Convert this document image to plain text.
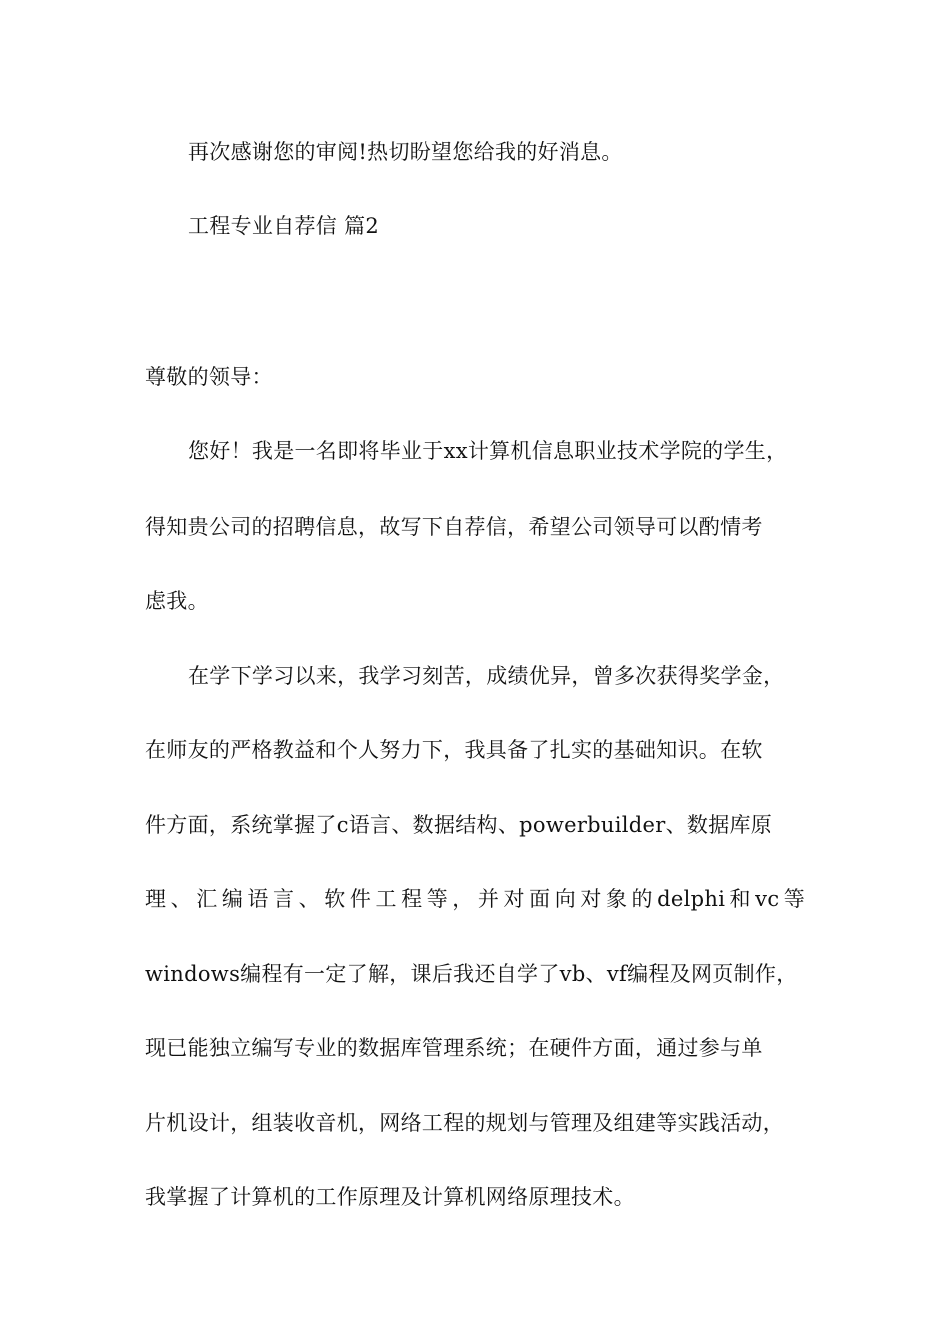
再次感谢您的审阅!热切盼望您给我的好消息。
工程专业自荐信 篇2
尊敬的领导：
您好！我是一名即将毕业于xx计算机信息职业技术学院的学生，
得知贵公司的招聘信息，故写下自荐信，希望公司领导可以酌情考
虑我。
在学下学习以来，我学习刻苦，成绩优异，曾多次获得奖学金，
在师友的严格教益和个人努力下，我具备了扎实的基础知识。在软
件方面，系统掌握了c语言、数据结构、powerbuilder、数据库原
理、汇编语言、软件工程等，并对面向对象的delphi和vc等
windows编程有一定了解，课后我还自学了vb、vf编程及网页制作，
现已能独立编写专业的数据库管理系统；在硬件方面，通过参与单
片机设计，组装收音机，网络工程的规划与管理及组建等实践活动，
我掌握了计算机的工作原理及计算机网络原理技术。
